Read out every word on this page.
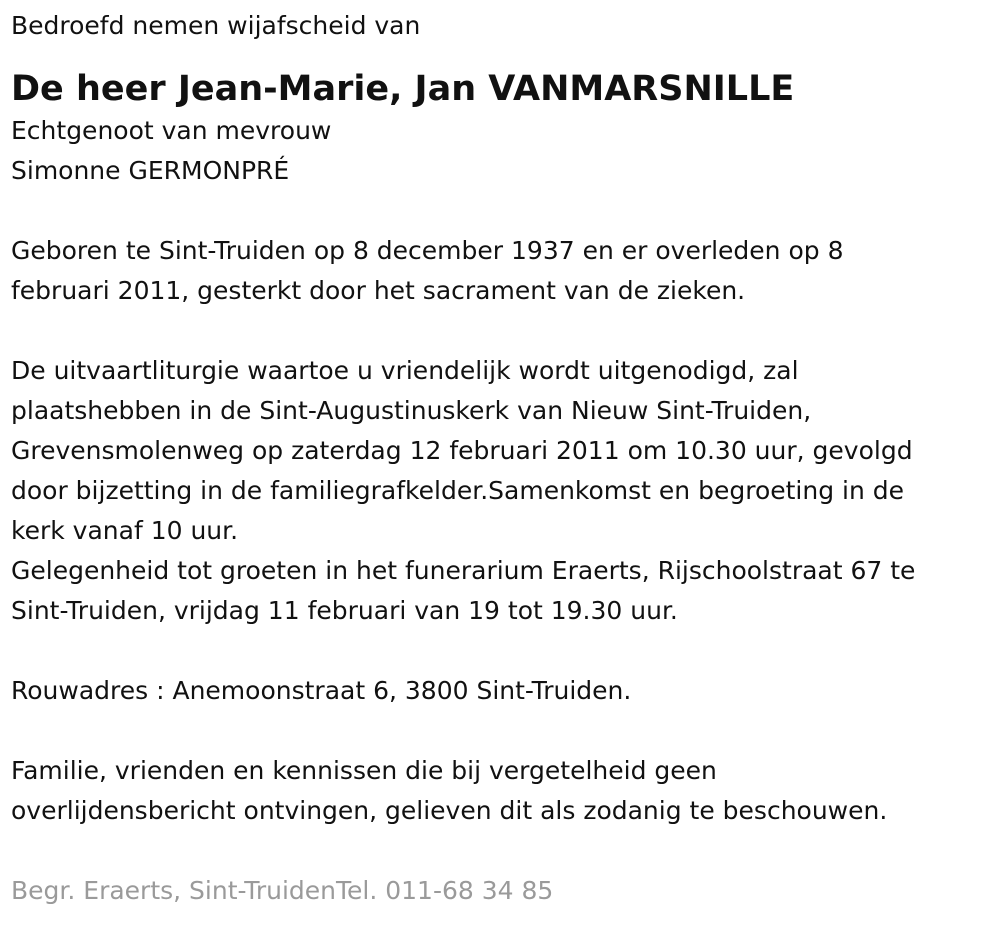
Bedroefd nemen wijafscheid van
De heer Jean-Marie, Jan VANMARSNILLE
Echtgenoot van mevrouw
Simonne GERMONPRÉ
Geboren te Sint-Truiden op 8 december 1937 en er overleden op 8
februari 2011, gesterkt door het sacrament van de zieken.
De uitvaartliturgie waartoe u vriendelijk wordt uitgenodigd, zal
plaatshebben in de Sint-Augustinuskerk van Nieuw Sint-Truiden,
Grevensmolenweg op zaterdag 12 februari 2011 om 10.30 uur, gevolgd
door bijzetting in de familiegrafkelder.Samenkomst en begroeting in de
kerk vanaf 10 uur.
Gelegenheid tot groeten in het funerarium Eraerts, Rijschoolstraat 67 te
Sint-Truiden, vrijdag 11 februari van 19 tot 19.30 uur.
Rouwadres : Anemoonstraat 6, 3800 Sint-Truiden.
Familie, vrienden en kennissen die bij vergetelheid geen
overlijdensbericht ontvingen, gelieven dit als zodanig te beschouwen.
Begr. Eraerts, Sint-TruidenTel. 011-68 34 85
